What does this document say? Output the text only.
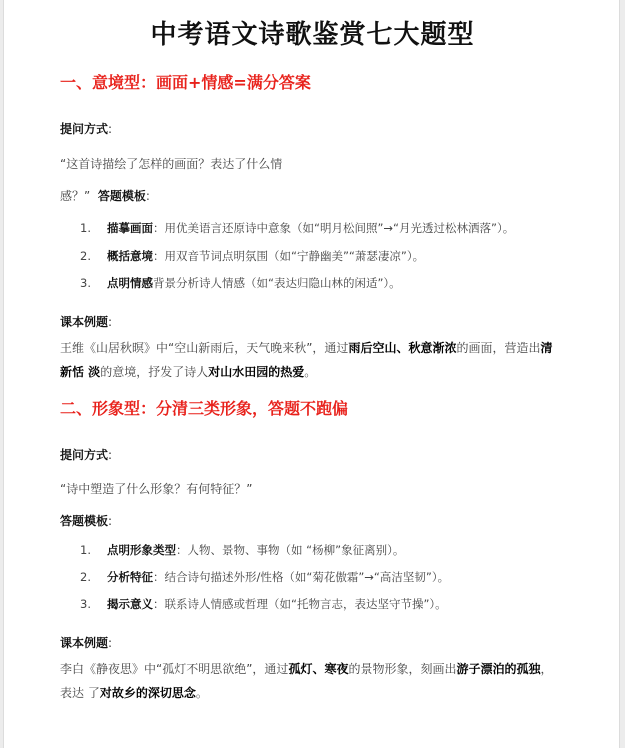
中考语文诗歌鉴赏七大题型
一、意境型：画面+情感=满分答案
提问方式:
“这首诗描绘了怎样的画面？表达了什么情
感？” 答题模板:
1. 描摹画面：用优美语言还原诗中意象（如“明月松间照”→“月光透过松林洒落”）。
2. 概括意境：用双音节词点明氛围（如“宁静幽美”“萧瑟凄凉”）。
3. 点明情感背景分析诗人情感（如“表达归隐山林的闲适”）。
课本例题:
王维《山居秋暝》中“空山新雨后，天气晚来秋”，通过雨后空山、秋意渐浓的画面，营造出清
新恬 淡的意境，抒发了诗人对山水田园的热爱。
二、形象型：分清三类形象，答题不跑偏
提问方式:
“诗中塑造了什么形象？有何特征？”
答题模板:
1. 点明形象类型：人物、景物、事物（如 “杨柳”象征离别）。
2. 分析特征：结合诗句描述外形/性格（如“菊花傲霜”→“高洁坚韧”）。
3. 揭示意义：联系诗人情感或哲理（如“托物言志，表达坚守节操”）。
课本例题:
李白《静夜思》中“孤灯不明思欲绝”，通过孤灯、寒夜的景物形象，刻画出游子漂泊的孤独，
表达 了对故乡的深切思念。
